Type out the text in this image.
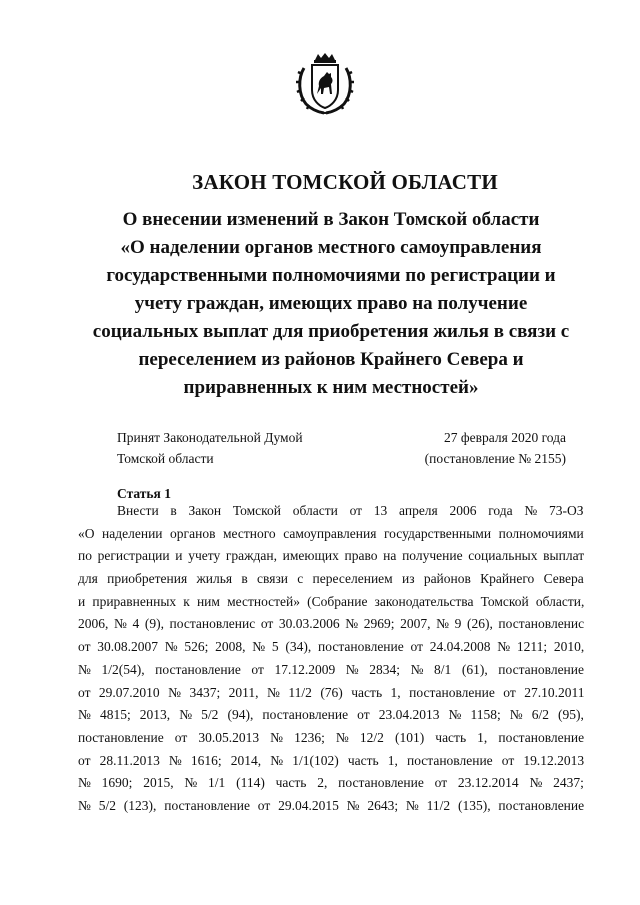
ЗАКОН ТОМСКОЙ ОБЛАСТИ
О внесении изменений в Закон Томской области
«О наделении органов местного самоуправления
государственными полномочиями по регистрации и
учету граждан, имеющих право на получение
социальных выплат для приобретения жилья в связи с
переселением из районов Крайнего Севера и
приравненных к ним местностей»
Принят Законодательной Думой	27 февраля 2020 года
Томской области	(постановление № 2155)
Статья 1
Внести в Закон Томской области от 13 апреля 2006 года № 73-ОЗ
«О наделении органов местного самоуправления государственными полномочиями
по регистрации и учету граждан, имеющих право на получение социальных выплат
для приобретения жилья в связи с переселением из районов Крайнего Севера
и приравненных к ним местностей» (Собрание законодательства Томской области,
2006, № 4 (9), постановлениc от 30.03.2006 № 2969; 2007, № 9 (26), постановлениc
от 30.08.2007 № 526; 2008, № 5 (34), постановление от 24.04.2008 № 1211; 2010,
№ 1/2(54), постановление от 17.12.2009 № 2834; № 8/1 (61), постановление
от 29.07.2010 № 3437; 2011, № 11/2 (76) часть 1, постановление от 27.10.2011
№ 4815; 2013, № 5/2 (94), постановление от 23.04.2013 № 1158; № 6/2 (95),
постановление от 30.05.2013 № 1236; № 12/2 (101) часть 1, постановление
от 28.11.2013 № 1616; 2014, № 1/1(102) часть 1, постановление от 19.12.2013
№ 1690; 2015, № 1/1 (114) часть 2, постановление от 23.12.2014 № 2437;
№ 5/2 (123), постановление от 29.04.2015 № 2643; № 11/2 (135), постановление
